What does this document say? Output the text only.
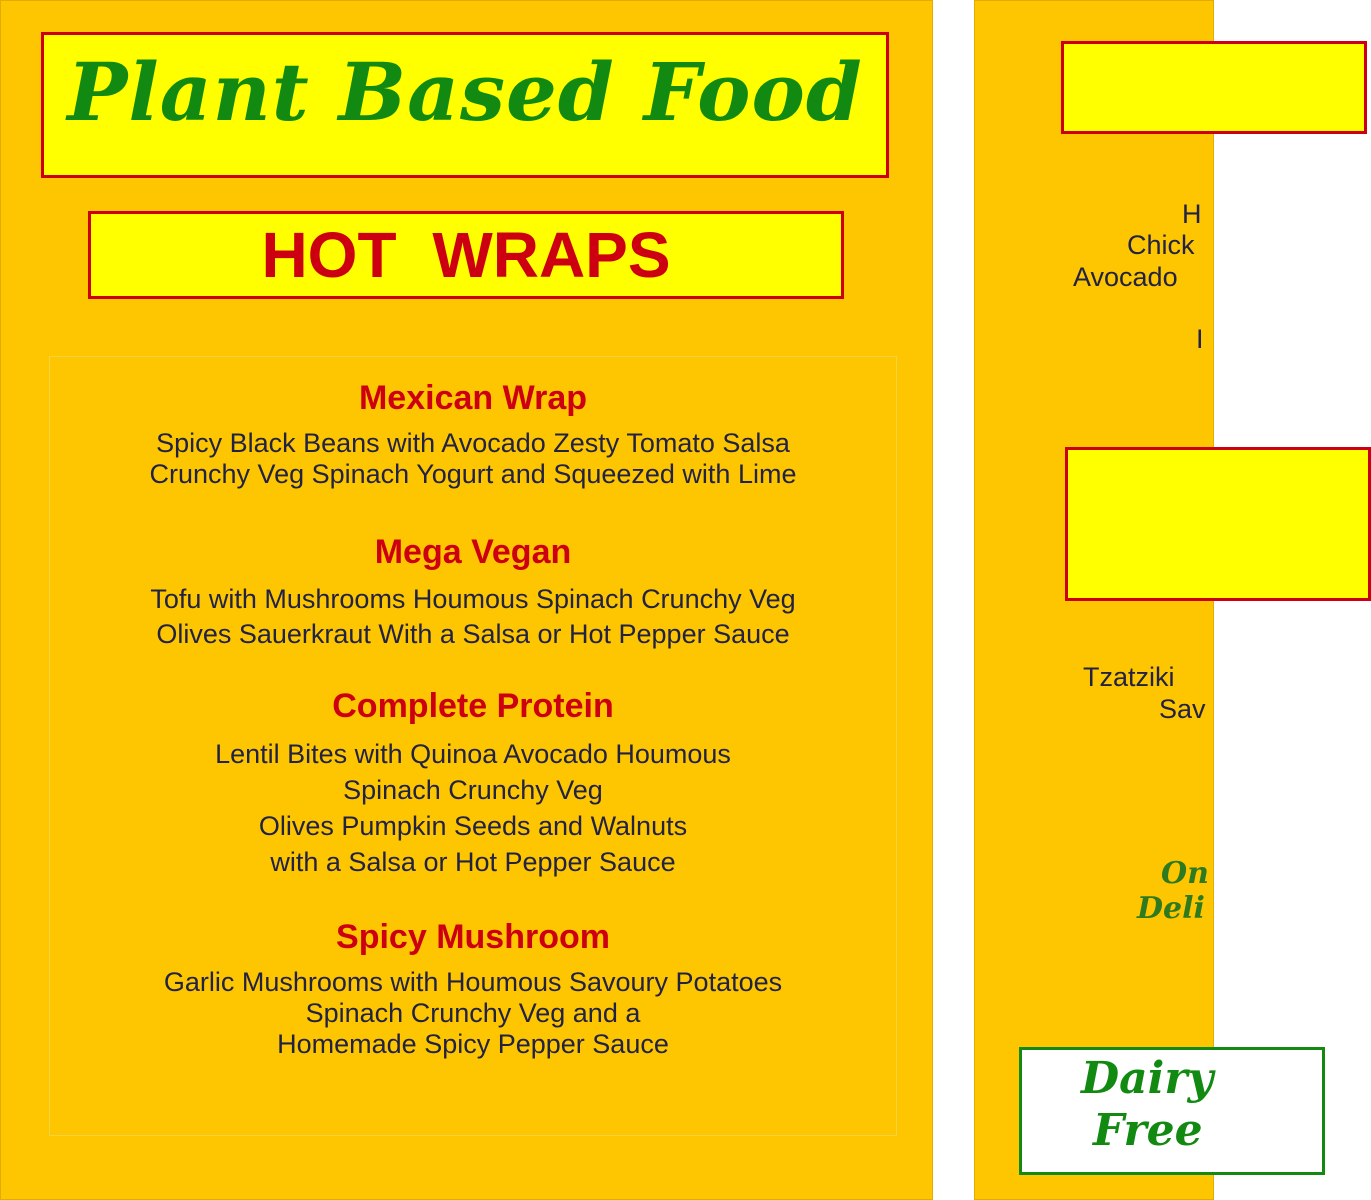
Plant Based Food
HOT WRAPS
Mexican Wrap
Spicy Black Beans with Avocado Zesty Tomato Salsa
Crunchy Veg Spinach Yogurt and Squeezed with Lime
Mega Vegan
Tofu with Mushrooms Houmous Spinach Crunchy Veg
Olives Sauerkraut With a Salsa or Hot Pepper Sauce
Complete Protein
Lentil Bites with Quinoa Avocado Houmous
Spinach Crunchy Veg
Olives Pumpkin Seeds and Walnuts
with a Salsa or Hot Pepper Sauce
Spicy Mushroom
Garlic Mushrooms with Houmous Savoury Potatoes
Spinach Crunchy Veg and a
Homemade Spicy Pepper Sauce
H
Chick
Avocado
I
Tzatziki
Sav
On
Deli
Dairy
Free
